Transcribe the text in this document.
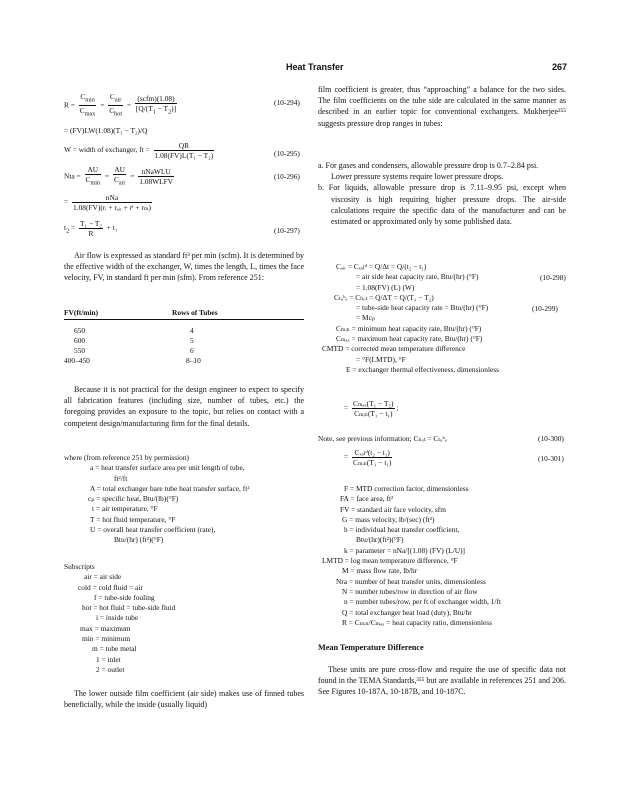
Heat Transfer	267
$R = \frac{C_{min}}{C_{max}} = \frac{C_{air}}{C_{hot}} = \frac{\text{(scfm)(1.08)}}{[Q/(T_1 - T_2)]}$	(10-294)
= (FV)LW(1.08)(T₁ − T₂)/Q
W = width of exchanger, ft = $\frac{QR}{\text{1.08(FV)L(T₁ − T₂)}}$	(10-295)
Nta = $\frac{AU}{C_{min}} = \frac{AU}{C_{air}} = \frac{\text{nNaWLU}}{\text{1.08WLFV}}$	(10-296)
= $\frac{\text{nNa}}{\text{1.08(FV)(rᵢ + rₐᵢᵣ + rᶠ + rₘ)}}$
$t_2 = \frac{\text{T₁ − T₂}}{R} + t_1$	(10-297)
Air flow is expressed as standard ft³ per min (scfm). It is determined by the effective width of the exchanger, W, times the length, L, times the face velocity, FV, in standard ft per min (sfm). From reference 251:
FV(ft/min)	Rows of Tubes

650	4
600	5
550	6
400–450	8–10
Because it is not practical for the design engineer to expect to specify all fabrication features (including size, number of tubes, etc.) the foregoing provides an exposure to the topic, but relies on contact with a competent design/manufacturing firm for the final details.
where (from reference 251 by permission)
a = heat transfer surface area per unit length of tube,
ft²/ft
A = total exchanger bare tube heat transfer surface, ft²
cₚ = specific heat, Btu/(lb)(°F)
t = air temperature, °F
T = hot fluid temperature, °F
U = overall heat transfer coefficient (rate),
Btu/(hr) (ft²)(°F)
Subscripts
air = air side
cold = cold fluid = air
f = tube-side fouling
hot = hot fluid = tube-side fluid
i = inside tube
max = maximum
min = minimum
m = tube metal
1 = inlet
2 = outlet
The lower outside film coefficient (air side) makes use of finned tubes beneficially, while the inside (usually liquid)
film coefficient is greater, thus “approaching” a balance for the two sides. The film coefficients on the tube side are calculated in the same manner as described in an earlier topic for conventional exchangers. Mukherjee²⁵⁵ suggests pressure drop ranges in tubes:
a. For gases and condensers, allowable pressure drop is 0.7–2.84 psi.
Lower pressure systems require lower pressure drops.
b. For liquids, allowable pressure drop is 7.11–9.95 psi, except when viscosity is high requiring higher pressure drops. The air-side calculations require the specific data of the manufacturer and can be estimated or approximated only by some published data.
Cₐᵢᵣ = Cₓₒₗᵈ = Q/Δt = Q/(t₂ − t₁)
= air side heat capacity rate, Btu/(hr) (°F)
= 1.08(FV) (L) (W)
Cₜᵤᵇₑ = Cₕₒₜ = Q/ΔT = Q/(T₁ − T₂)
= tube-side heat capacity rate = Btu/(hr) (°F)
= Mcₚ
Cₘᵢₙ = minimum heat capacity rate, Btu/(hr) (°F)
Cₘₐₓ = maximum heat capacity rate, Btu/(hr) (°F)
CMTD = corrected mean temperature difference
= °F(LMTD), °F
E = exchanger thermal effectiveness, dimensionless
(10-298)
(10-299)
= $\frac{\text{Cₘₐₓ(T₁ − T₂)}}{\text{Cₘᵢₙ(T₁ − t₁)}}$ ;
Note, see previous information; Cₕₒₜ = Cₜᵤᵇₑ	(10-300)
= $\frac{\text{Cₓₒₗᵈ(t₂ − t₁)}}{\text{Cₘᵢₙ(T₁ − t₁)}}$	(10-301)
F = MTD correction factor, dimensionless
FA = face area, ft²
FV = standard air face velocity, sfm
G = mass velocity, lb/(sec) (ft²)
h = individual heat transfer coefficient,
Btu/(hr)(ft²)(°F)
k = parameter = nNa/[(1.08) (FV) (L/U)]
LMTD = log mean temperature difference, °F
M = mass flow rate, lb/hr
Nra = number of heat transfer units, dimensionless
N = number tubes/row in direction of air flow
n = number tubes/row, per ft of exchanger width, 1/ft
Q = total exchanger heat load (duty), Btu/hr
R = Cₘᵢₙ/Cₘₐₓ = heat capacity ratio, dimensionless
Mean Temperature Difference
These units are pure cross-flow and require the use of specific data not found in the TEMA Standards,³⁵⁵ but are available in references 251 and 206. See Figures 10-187A, 10-187B, and 10-187C.
